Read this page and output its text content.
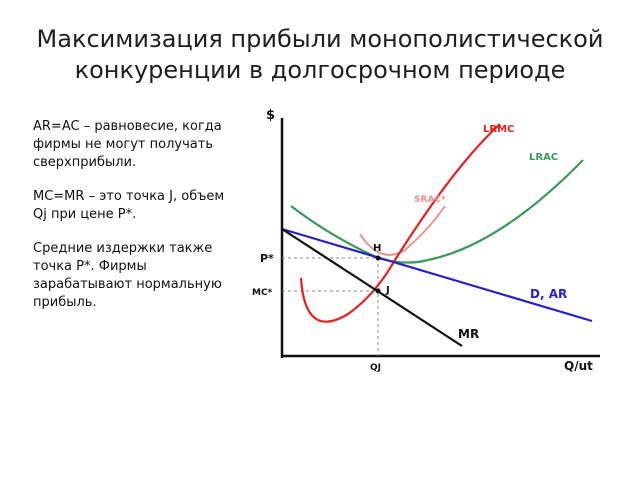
Максимизация прибыли монополистической
конкуренции в долгосрочном периоде

AR=AC – равновесие, когда фирмы не могут получать сверхприбыли.

МС=MR – это точка J, объем Qj при цене Р*.

Средние издержки также точка Р*. Фирмы зарабатывают нормальную прибыль.

$
Q/ut
P*
MC*
QJ
H
J
LRMC
LRAC
SRAC*
D, AR
MR
